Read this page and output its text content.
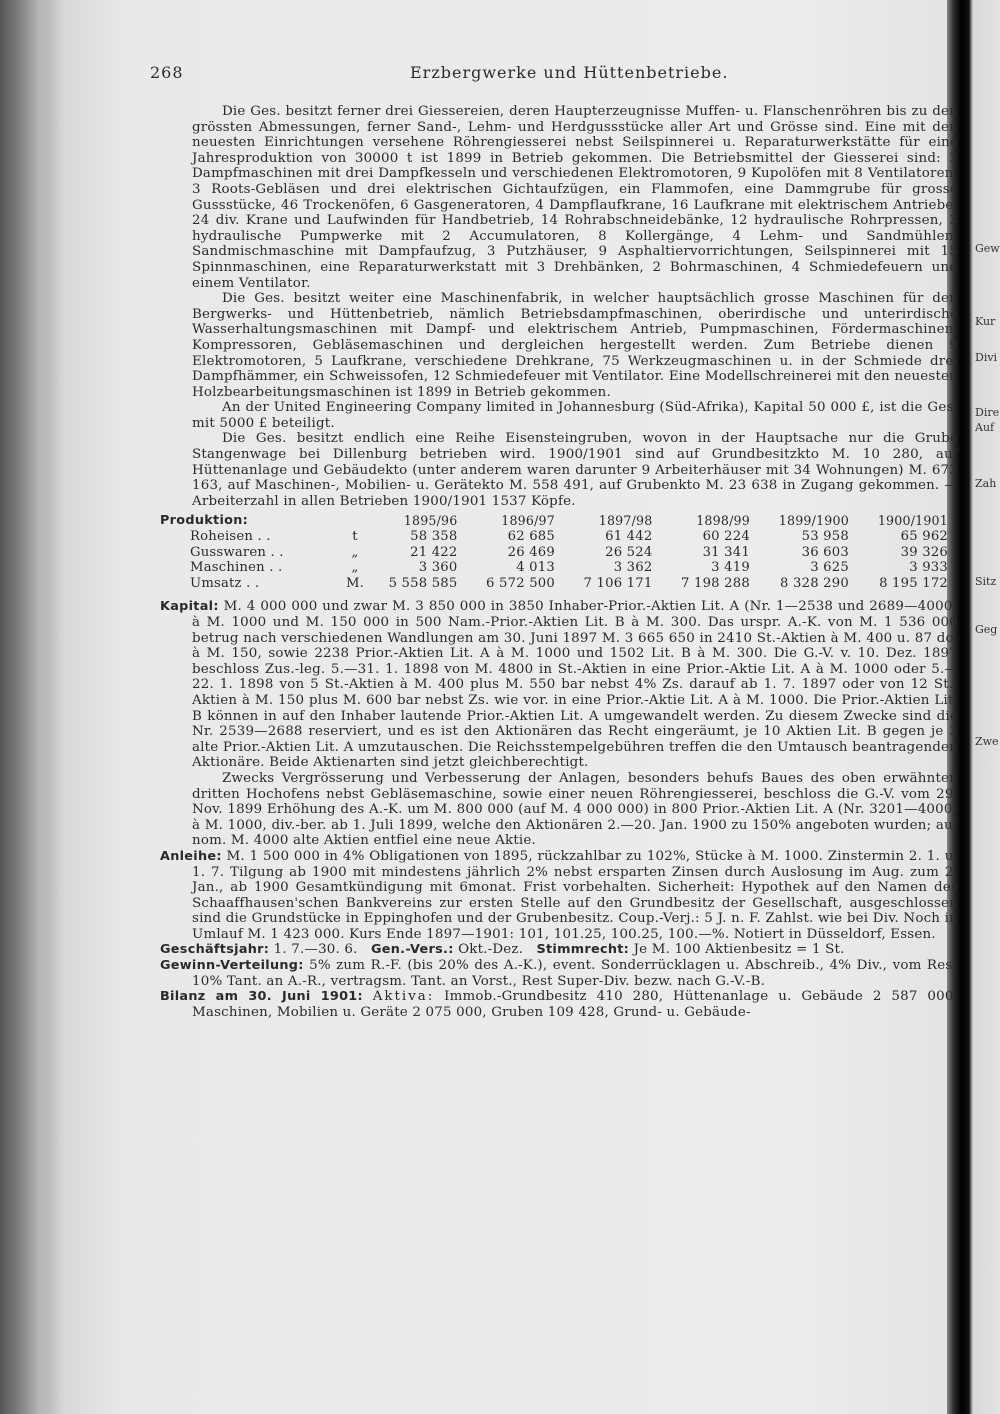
Gew
Kur
Divi
Dire
Auf
Zah
Sitz
Geg
Zwe
268	Erzbergwerke und Hüttenbetriebe.

Die Ges. besitzt ferner drei Giessereien, deren Haupterzeugnisse Muffen- u. Flanschenröhren bis zu den grössten Abmessungen, ferner Sand-, Lehm- und Herdgussstücke aller Art und Grösse sind. Eine mit den neuesten Einrichtungen versehene Röhrengiesserei nebst Seilspinnerei u. Reparaturwerkstätte für eine Jahresproduktion von 30000 t ist 1899 in Betrieb gekommen. Die Betriebsmittel der Giesserei sind: 3 Dampfmaschinen mit drei Dampfkesseln und verschiedenen Elektromotoren, 9 Kupolöfen mit 8 Ventilatoren, 3 Roots-Gebläsen und drei elektrischen Gichtaufzügen, ein Flammofen, eine Dammgrube für grosse Gussstücke, 46 Trockenöfen, 6 Gasgeneratoren, 4 Dampflaufkrane, 16 Laufkrane mit elektrischem Antriebe, 24 div. Krane und Laufwinden für Handbetrieb, 14 Rohrabschneidebänke, 12 hydraulische Rohrpressen, 3 hydraulische Pumpwerke mit 2 Accumulatoren, 8 Kollergänge, 4 Lehm- und Sandmühlen, Sandmischmaschine mit Dampfaufzug, 3 Putzhäuser, 9 Asphaltiervorrichtungen, Seilspinnerei mit 15 Spinnmaschinen, eine Reparaturwerkstatt mit 3 Drehbänken, 2 Bohrmaschinen, 4 Schmiedefeuern und einem Ventilator.

Die Ges. besitzt weiter eine Maschinenfabrik, in welcher hauptsächlich grosse Maschinen für den Bergwerks- und Hüttenbetrieb, nämlich Betriebsdampfmaschinen, oberirdische und unterirdische Wasserhaltungsmaschinen mit Dampf- und elektrischem Antrieb, Pumpmaschinen, Fördermaschinen, Kompressoren, Gebläsemaschinen und dergleichen hergestellt werden. Zum Betriebe dienen 9 Elektromotoren, 5 Laufkrane, verschiedene Drehkrane, 75 Werkzeugmaschinen u. in der Schmiede drei Dampfhämmer, ein Schweissofen, 12 Schmiedefeuer mit Ventilator. Eine Modellschreinerei mit den neuesten Holzbearbeitungsmaschinen ist 1899 in Betrieb gekommen.

An der United Engineering Company limited in Johannesburg (Süd-Afrika), Kapital 50 000 £, ist die Ges. mit 5000 £ beteiligt.

Die Ges. besitzt endlich eine Reihe Eisensteingruben, wovon in der Hauptsache nur die Grube Stangenwage bei Dillenburg betrieben wird. 1900/1901 sind auf Grundbesitzkto M. 10 280, auf Hüttenanlage und Gebäudekto (unter anderem waren darunter 9 Arbeiterhäuser mit 34 Wohnungen) M. 673 163, auf Maschinen-, Mobilien- u. Gerätekto M. 558 491, auf Grubenkto M. 23 638 in Zugang gekommen. — Arbeiterzahl in allen Betrieben 1900/1901 1537 Köpfe.

Produktion:		1895/96	1896/97	1897/98	1898/99	1899/1900	1900/1901
Roheisen . .	t	58 358	62 685	61 442	60 224	53 958	65 962
Gusswaren . .	„	21 422	26 469	26 524	31 341	36 603	39 326
Maschinen . .	„	3 360	4 013	3 362	3 419	3 625	3 933
Umsatz . .	M.	5 558 585	6 572 500	7 106 171	7 198 288	8 328 290	8 195 172

Kapital: M. 4 000 000 und zwar M. 3 850 000 in 3850 Inhaber-Prior.-Aktien Lit. A (Nr. 1—2538 und 2689—4000) à M. 1000 und M. 150 000 in 500 Nam.-Prior.-Aktien Lit. B à M. 300. Das urspr. A.-K. von M. 1 536 000 betrug nach verschiedenen Wandlungen am 30. Juni 1897 M. 3 665 650 in 2410 St.-Aktien à M. 400 u. 87 do. à M. 150, sowie 2238 Prior.-Aktien Lit. A à M. 1000 und 1502 Lit. B à M. 300. Die G.-V. v. 10. Dez. 1897 beschloss Zus.-leg. 5.—31. 1. 1898 von M. 4800 in St.-Aktien in eine Prior.-Aktie Lit. A à M. 1000 oder 5.—22. 1. 1898 von 5 St.-Aktien à M. 400 plus M. 550 bar nebst 4% Zs. darauf ab 1. 7. 1897 oder von 12 St.-Aktien à M. 150 plus M. 600 bar nebst Zs. wie vor. in eine Prior.-Aktie Lit. A à M. 1000. Die Prior.-Aktien Lit. B können in auf den Inhaber lautende Prior.-Aktien Lit. A umgewandelt werden. Zu diesem Zwecke sind die Nr. 2539—2688 reserviert, und es ist den Aktionären das Recht eingeräumt, je 10 Aktien Lit. B gegen je 3 alte Prior.-Aktien Lit. A umzutauschen. Die Reichsstempelgebühren treffen die den Umtausch beantragenden Aktionäre. Beide Aktienarten sind jetzt gleichberechtigt.

Zwecks Vergrösserung und Verbesserung der Anlagen, besonders behufs Baues des oben erwähnten dritten Hochofens nebst Gebläsemaschine, sowie einer neuen Röhrengiesserei, beschloss die G.-V. vom 29. Nov. 1899 Erhöhung des A.-K. um M. 800 000 (auf M. 4 000 000) in 800 Prior.-Aktien Lit. A (Nr. 3201—4000) à M. 1000, div.-ber. ab 1. Juli 1899, welche den Aktionären 2.—20. Jan. 1900 zu 150% angeboten wurden; auf nom. M. 4000 alte Aktien entfiel eine neue Aktie.

Anleihe: M. 1 500 000 in 4% Obligationen von 1895, rückzahlbar zu 102%, Stücke à M. 1000. Zinstermin 2. 1. u. 1. 7. Tilgung ab 1900 mit mindestens jährlich 2% nebst ersparten Zinsen durch Auslosung im Aug. zum 2. Jan., ab 1900 Gesamtkündigung mit 6monat. Frist vorbehalten. Sicherheit: Hypothek auf den Namen des Schaaffhausen'schen Bankvereins zur ersten Stelle auf den Grundbesitz der Gesellschaft, ausgeschlossen sind die Grundstücke in Eppinghofen und der Grubenbesitz. Coup.-Verj.: 5 J. n. F. Zahlst. wie bei Div. Noch in Umlauf M. 1 423 000. Kurs Ende 1897—1901: 101, 101.25, 100.25, 100.—%. Notiert in Düsseldorf, Essen.

Geschäftsjahr: 1. 7.—30. 6. Gen.-Vers.: Okt.-Dez. Stimmrecht: Je M. 100 Aktienbesitz = 1 St.

Gewinn-Verteilung: 5% zum R.-F. (bis 20% des A.-K.), event. Sonderrücklagen u. Abschreib., 4% Div., vom Rest 10% Tant. an A.-R., vertragsm. Tant. an Vorst., Rest Super-Div. bezw. nach G.-V.-B.

Bilanz am 30. Juni 1901: Aktiva: Immob.-Grundbesitz 410 280, Hüttenanlage u. Gebäude 2 587 000, Maschinen, Mobilien u. Geräte 2 075 000, Gruben 109 428, Grund- u. Gebäude-
